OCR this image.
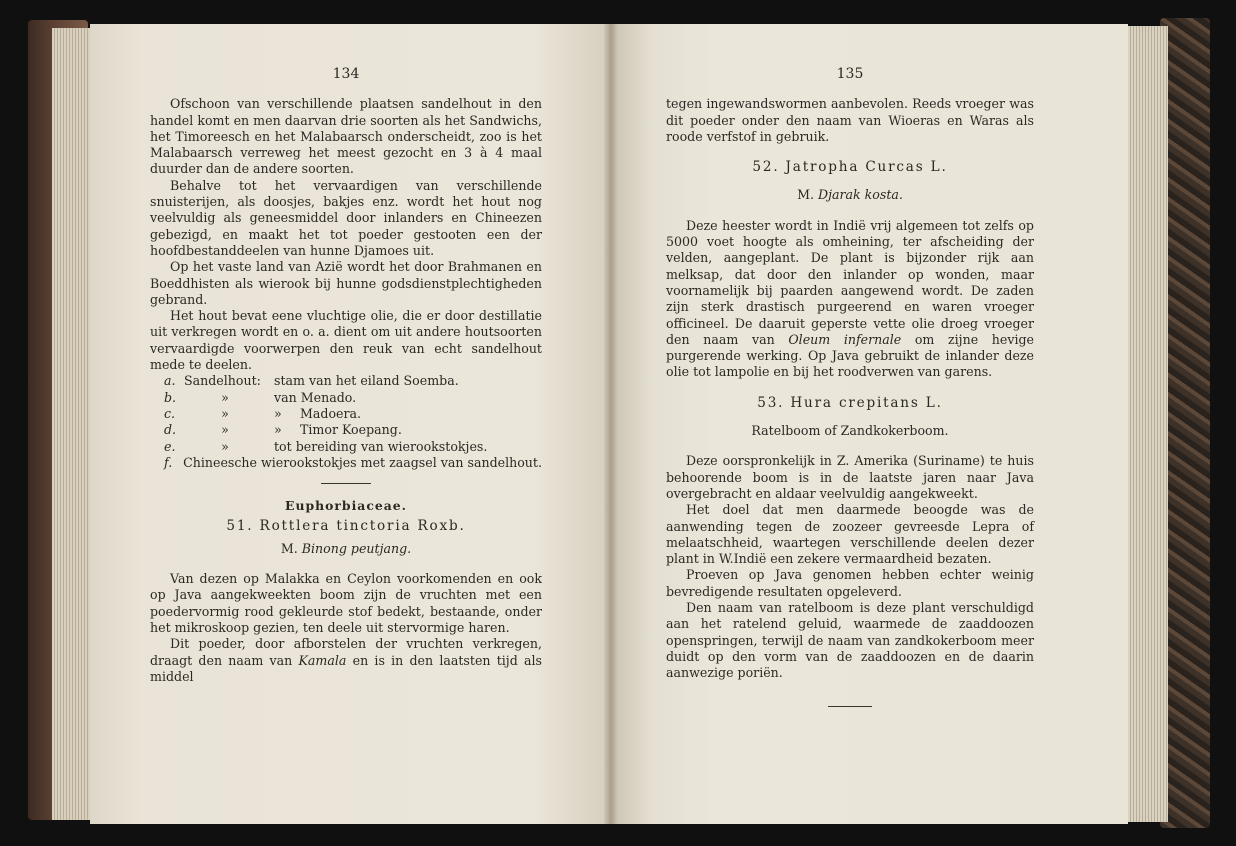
134

Ofschoon van verschillende plaatsen sandelhout in den handel komt en men daarvan drie soorten als het Sandwichs, het Timoreesch en het Malabaarsch onderscheidt, zoo is het Malabaarsch verreweg het meest gezocht en 3 à 4 maal duurder dan de andere soorten.

Behalve tot het vervaardigen van verschillende snuisterijen, als doosjes, bakjes enz. wordt het hout nog veelvuldig als geneesmiddel door inlanders en Chineezen gebezigd, en maakt het tot poeder gestooten een der hoofdbestanddeelen van hunne Djamoes uit.

Op het vaste land van Azië wordt het door Brahmanen en Boeddhisten als wierook bij hunne godsdienstplechtigheden gebrand.

Het hout bevat eene vluchtige olie, die er door destillatie uit verkregen wordt en o. a. dient om uit andere houtsoorten vervaardigde voorwerpen den reuk van echt sandelhout mede te deelen.

a. Sandelhout:	stam van het eiland Soemba.
b.	»	van Menado.
c.	»	»	Madoera.
d.	»	»	Timor Koepang.
e.	»	tot bereiding van wierookstokjes.
f. Chineesche wierookstokjes met zaagsel van sandelhout.
Euphorbiaceae.
51. Rottlera tinctoria Roxb.
M. Binong peutjang.

Van dezen op Malakka en Ceylon voorkomenden en ook op Java aangekweekten boom zijn de vruchten met een poedervormig rood gekleurde stof bedekt, bestaande, onder het mikroskoop gezien, ten deele uit stervormige haren.

Dit poeder, door afborstelen der vruchten verkregen, draagt den naam van Kamala en is in den laatsten tijd als middel

135

tegen ingewandswormen aanbevolen. Reeds vroeger was dit poeder onder den naam van Wioeras en Waras als roode verfstof in gebruik.

52. Jatropha Curcas L.
M. Djarak kosta.

Deze heester wordt in Indië vrij algemeen tot zelfs op 5000 voet hoogte als omheining, ter afscheiding der velden, aangeplant. De plant is bijzonder rijk aan melksap, dat door den inlander op wonden, maar voornamelijk bij paarden aangewend wordt. De zaden zijn sterk drastisch purgeerend en waren vroeger officineel. De daaruit geperste vette olie droeg vroeger den naam van Oleum infernale om zijne hevige purgerende werking. Op Java gebruikt de inlander deze olie tot lampolie en bij het roodverwen van garens.

53. Hura crepitans L.
Ratelboom of Zandkokerboom.

Deze oorspronkelijk in Z. Amerika (Suriname) te huis behoorende boom is in de laatste jaren naar Java overgebracht en aldaar veelvuldig aangekweekt.

Het doel dat men daarmede beoogde was de aanwending tegen de zoozeer gevreesde Lepra of melaatschheid, waartegen verschillende deelen dezer plant in W.Indië een zekere vermaardheid bezaten.

Proeven op Java genomen hebben echter weinig bevredigende resultaten opgeleverd.

Den naam van ratelboom is deze plant verschuldigd aan het ratelend geluid, waarmede de zaaddoozen openspringen, terwijl de naam van zandkokerboom meer duidt op den vorm van de zaaddoozen en de daarin aanwezige poriën.
